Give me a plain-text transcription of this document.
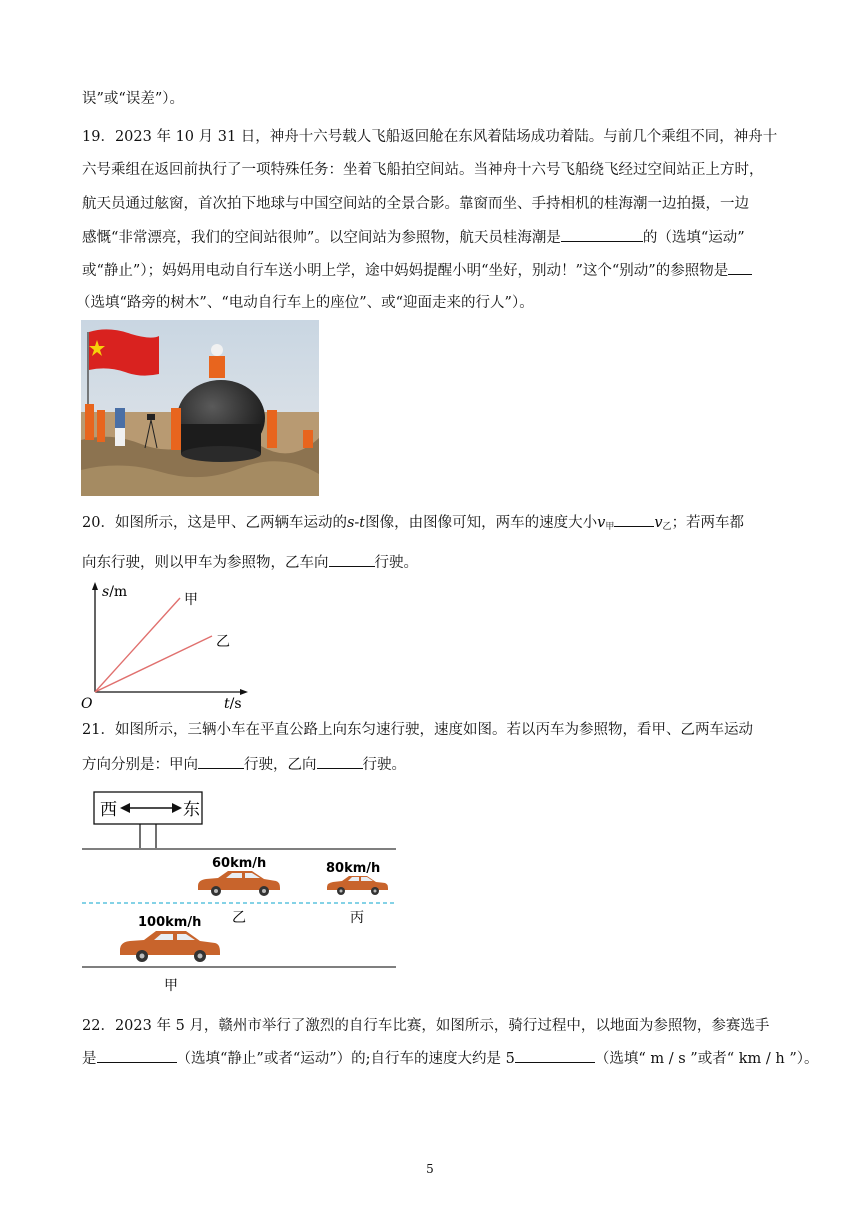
误”或“误差”）。
19．2023 年 10 月 31 日，神舟十六号载人飞船返回舱在东风着陆场成功着陆。与前几个乘组不同，神舟十
六号乘组在返回前执行了一项特殊任务：坐着飞船拍空间站。当神舟十六号飞船绕飞经过空间站正上方时，
航天员通过舷窗，首次拍下地球与中国空间站的全景合影。靠窗而坐、手持相机的桂海潮一边拍摄，一边
感慨“非常漂亮，我们的空间站很帅”。以空间站为参照物，航天员桂海潮是	的（选填“运动”
或“静止”）；妈妈用电动自行车送小明上学，途中妈妈提醒小明“坐好，别动！”这个“别动”的参照物是
（选填“路旁的树木”、“电动自行车上的座位”、或“迎面走来的行人”）。
20．如图所示，这是甲、乙两辆车运动的s-t图像，由图像可知，两车的速度大小$v_甲$	$v_乙$；若两车都
向东行驶，则以甲车为参照物，乙车向	行驶。
s/m	甲
乙
O	t/s
21．如图所示，三辆小车在平直公路上向东匀速行驶，速度如图。若以丙车为参照物，看甲、乙两车运动
方向分别是：甲向	行驶，乙向	行驶。
西	东
60km/h	80km/h
100km/h 乙	丙
甲
22．2023 年 5 月，赣州市举行了激烈的自行车比赛，如图所示，骑行过程中，以地面为参照物，参赛选手
是	（选填“静止”或者“运动”）的;自行车的速度大约是 5	（选填“ m / s ”或者“ km / h ”）。
5
